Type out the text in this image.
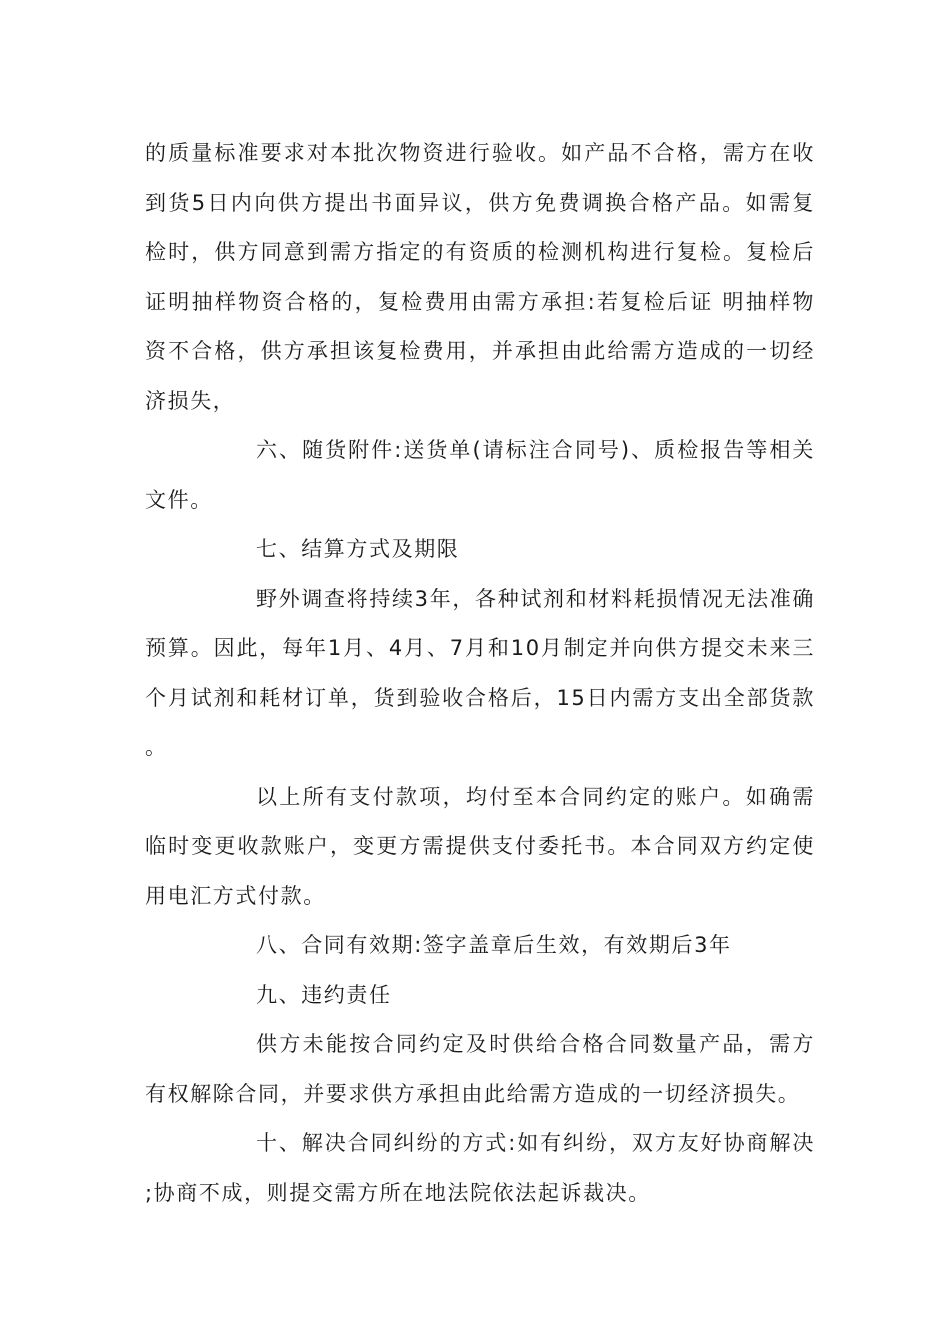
的质量标准要求对本批次物资进行验收。如产品不合格，需方在收到货5日内向供方提出书面异议，供方免费调换合格产品。如需复检时，供方同意到需方指定的有资质的检测机构进行复检。复检后证明抽样物资合格的，复检费用由需方承担:若复检后证 明抽样物资不合格，供方承担该复检费用，并承担由此给需方造成的一切经济损失，

六、随货附件:送货单(请标注合同号)、质检报告等相关文件。

七、结算方式及期限

野外调查将持续3年，各种试剂和材料耗损情况无法准确预算。因此，每年1月、4月、7月和10月制定并向供方提交未来三个月试剂和耗材订单，货到验收合格后，15日内需方支出全部货款。

以上所有支付款项，均付至本合同约定的账户。如确需临时变更收款账户，变更方需提供支付委托书。本合同双方约定使用电汇方式付款。

八、合同有效期:签字盖章后生效，有效期后3年

九、违约责任

供方未能按合同约定及时供给合格合同数量产品，需方有权解除合同，并要求供方承担由此给需方造成的一切经济损失。

十、解决合同纠纷的方式:如有纠纷，双方友好协商解决;协商不成，则提交需方所在地法院依法起诉裁决。
